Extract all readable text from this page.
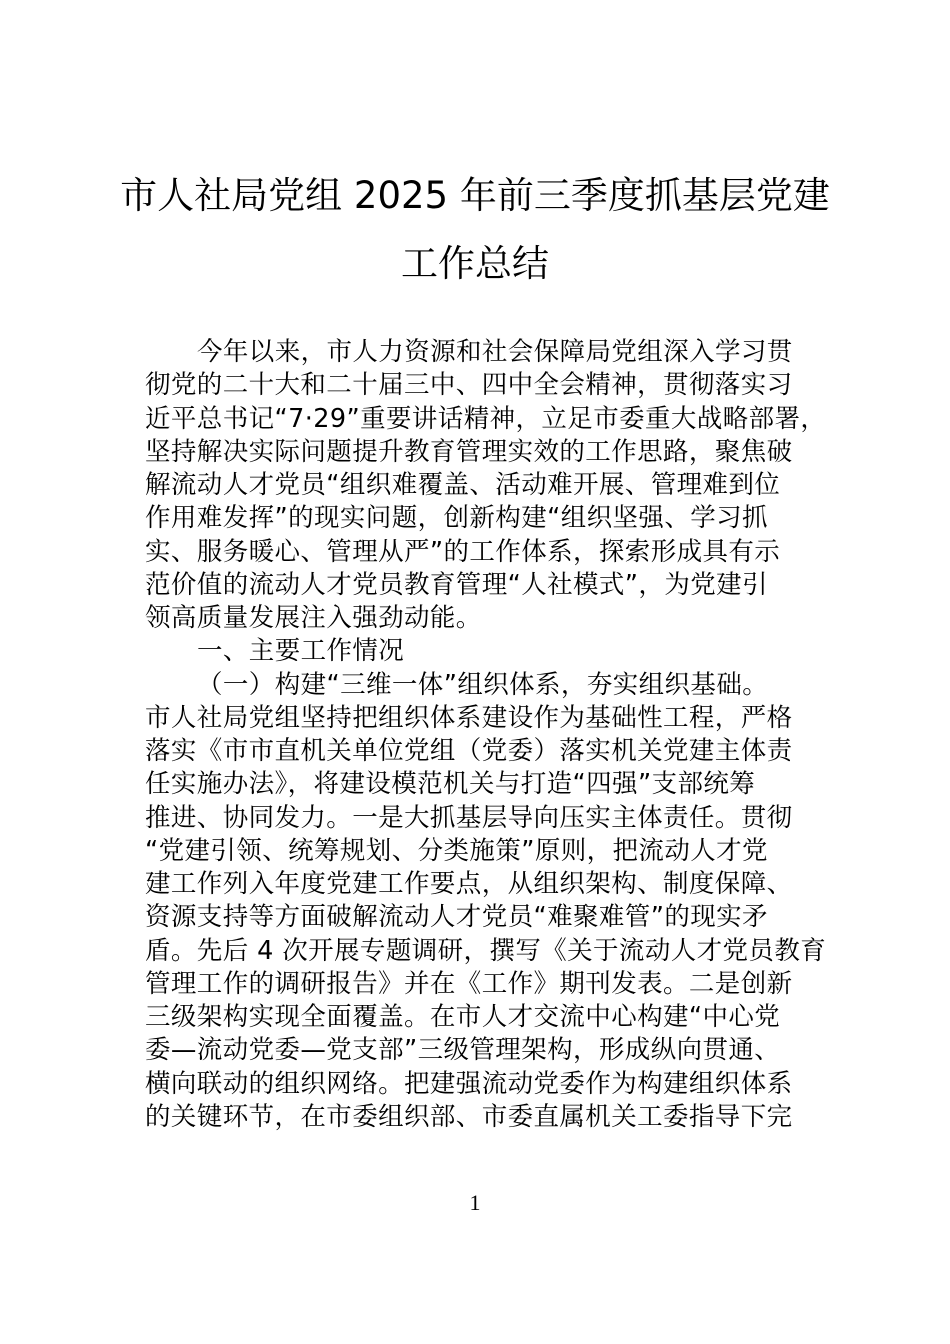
市人社局党组 2025 年前三季度抓基层党建
工作总结
今年以来，市人力资源和社会保障局党组深入学习贯
彻党的二十大和二十届三中、四中全会精神，贯彻落实习
近平总书记“7·29”重要讲话精神，立足市委重大战略部署，
坚持解决实际问题提升教育管理实效的工作思路，聚焦破
解流动人才党员“组织难覆盖、活动难开展、管理难到位
作用难发挥”的现实问题，创新构建“组织坚强、学习抓
实、服务暖心、管理从严”的工作体系，探索形成具有示
范价值的流动人才党员教育管理“人社模式”，为党建引
领高质量发展注入强劲动能。
一、主要工作情况
（一）构建“三维一体”组织体系，夯实组织基础。
市人社局党组坚持把组织体系建设作为基础性工程，严格
落实《市市直机关单位党组（党委）落实机关党建主体责
任实施办法》，将建设模范机关与打造“四强”支部统筹
推进、协同发力。一是大抓基层导向压实主体责任。贯彻
“党建引领、统筹规划、分类施策”原则，把流动人才党
建工作列入年度党建工作要点，从组织架构、制度保障、
资源支持等方面破解流动人才党员“难聚难管”的现实矛
盾。先后 4 次开展专题调研，撰写《关于流动人才党员教育
管理工作的调研报告》并在《工作》期刊发表。二是创新
三级架构实现全面覆盖。在市人才交流中心构建“中心党
委—流动党委—党支部”三级管理架构，形成纵向贯通、
横向联动的组织网络。把建强流动党委作为构建组织体系
的关键环节，在市委组织部、市委直属机关工委指导下完
1
